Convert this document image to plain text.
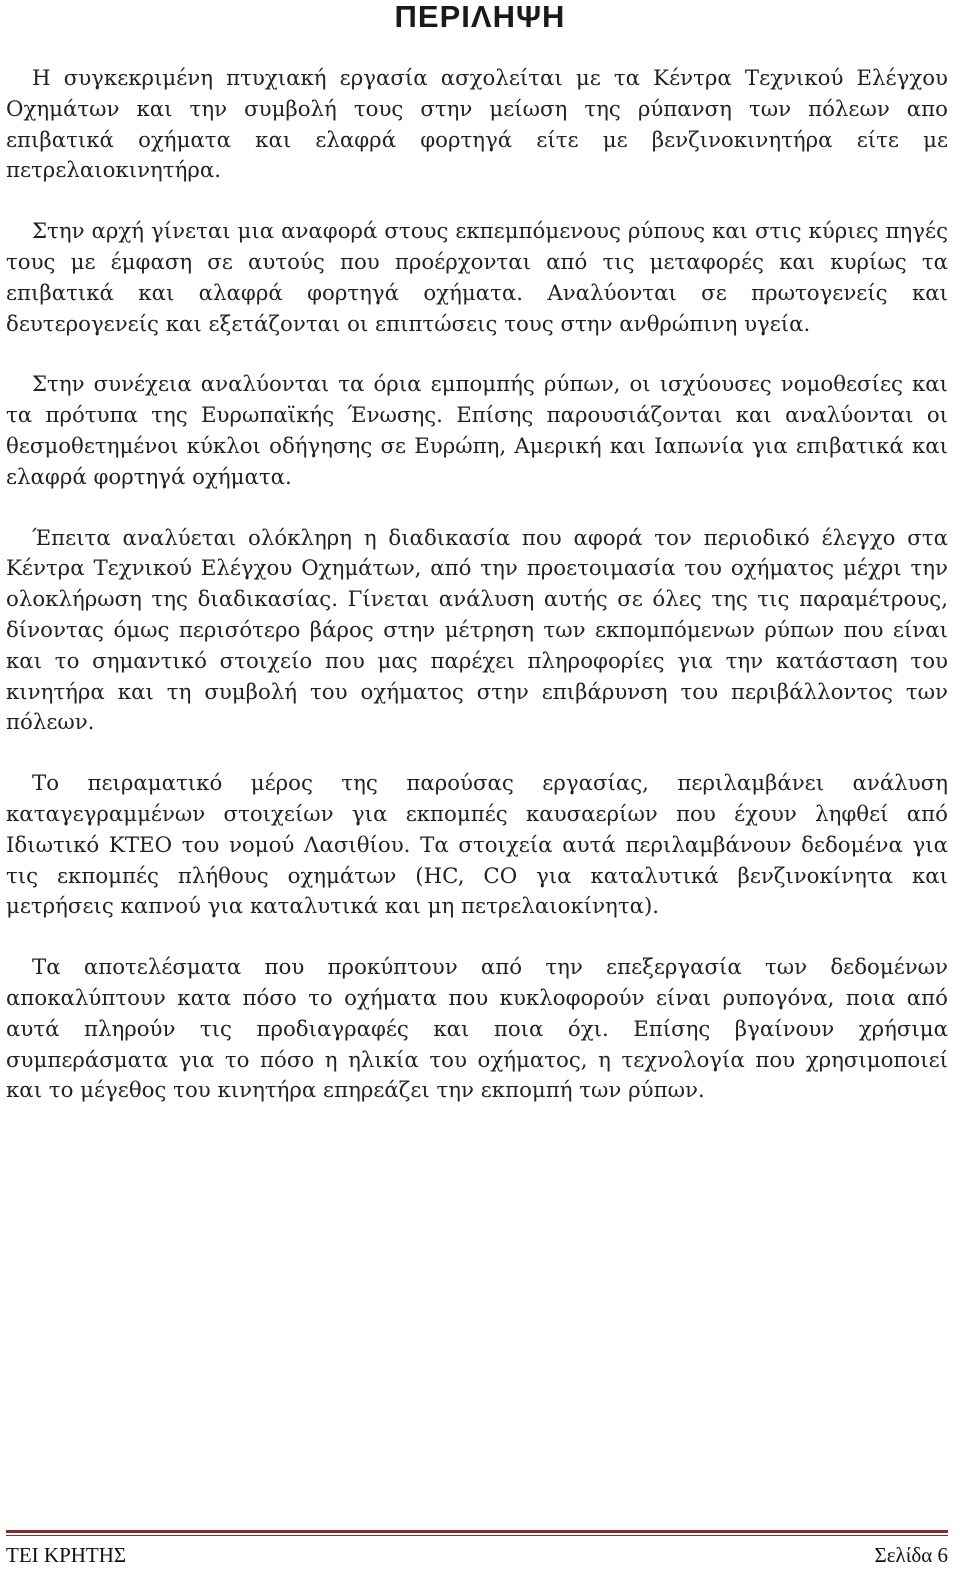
ΠΕΡΙΛΗΨΗ

Η συγκεκριμένη πτυχιακή εργασία ασχολείται με τα Κέντρα Τεχνικού Ελέγχου Οχημάτων και την συμβολή τους στην μείωση της ρύπανση των πόλεων απο επιβατικά οχήματα και ελαφρά φορτηγά είτε με βενζινοκινητήρα είτε με πετρελαιοκινητήρα.

Στην αρχή γίνεται μια αναφορά στους εκπεμπόμενους ρύπους και στις κύριες πηγές τους με έμφαση σε αυτούς που προέρχονται από τις μεταφορές και κυρίως τα επιβατικά και αλαφρά φορτηγά οχήματα. Αναλύονται σε πρωτογενείς και δευτερογενείς και εξετάζονται οι επιπτώσεις τους στην ανθρώπινη υγεία.

Στην συνέχεια αναλύονται τα όρια εμπομπής ρύπων, οι ισχύουσες νομοθεσίες και τα πρότυπα της Ευρωπαϊκής Ένωσης. Επίσης παρουσιάζονται και αναλύονται οι θεσμοθετημένοι κύκλοι οδήγησης σε Ευρώπη, Αμερική και Ιαπωνία για επιβατικά και ελαφρά φορτηγά οχήματα.

Έπειτα αναλύεται ολόκληρη η διαδικασία που αφορά τον περιοδικό έλεγχο στα Κέντρα Τεχνικού Ελέγχου Οχημάτων, από την προετοιμασία του οχήματος μέχρι την ολοκλήρωση της διαδικασίας. Γίνεται ανάλυση αυτής σε όλες της τις παραμέτρους, δίνοντας όμως περισότερο βάρος στην μέτρηση των εκπομπόμενων ρύπων που είναι και το σημαντικό στοιχείο που μας παρέχει πληροφορίες για την κατάσταση του κινητήρα και τη συμβολή του οχήματος στην επιβάρυνση του περιβάλλοντος των πόλεων.

Το πειραματικό μέρος της παρούσας εργασίας, περιλαμβάνει ανάλυση καταγεγραμμένων στοιχείων για εκπομπές καυσαερίων που έχουν ληφθεί από Ιδιωτικό ΚΤΕΟ του νομού Λασιθίου. Τα στοιχεία αυτά περιλαμβάνουν δεδομένα για τις εκπομπές πλήθους οχημάτων (HC, CO για καταλυτικά βενζινοκίνητα και μετρήσεις καπνού για καταλυτικά και μη πετρελαιοκίνητα).

Τα αποτελέσματα που προκύπτουν από την επεξεργασία των δεδομένων αποκαλύπτουν κατα πόσο το οχήματα που κυκλοφορούν είναι ρυπογόνα, ποια από αυτά πληρούν τις προδιαγραφές και ποια όχι. Επίσης βγαίνουν χρήσιμα συμπεράσματα για το πόσο η ηλικία του οχήματος, η τεχνολογία που χρησιμοποιεί και το μέγεθος του κινητήρα επηρεάζει την εκπομπή των ρύπων.

ΤΕΙ ΚΡΗΤΗΣ	Σελίδα 6
